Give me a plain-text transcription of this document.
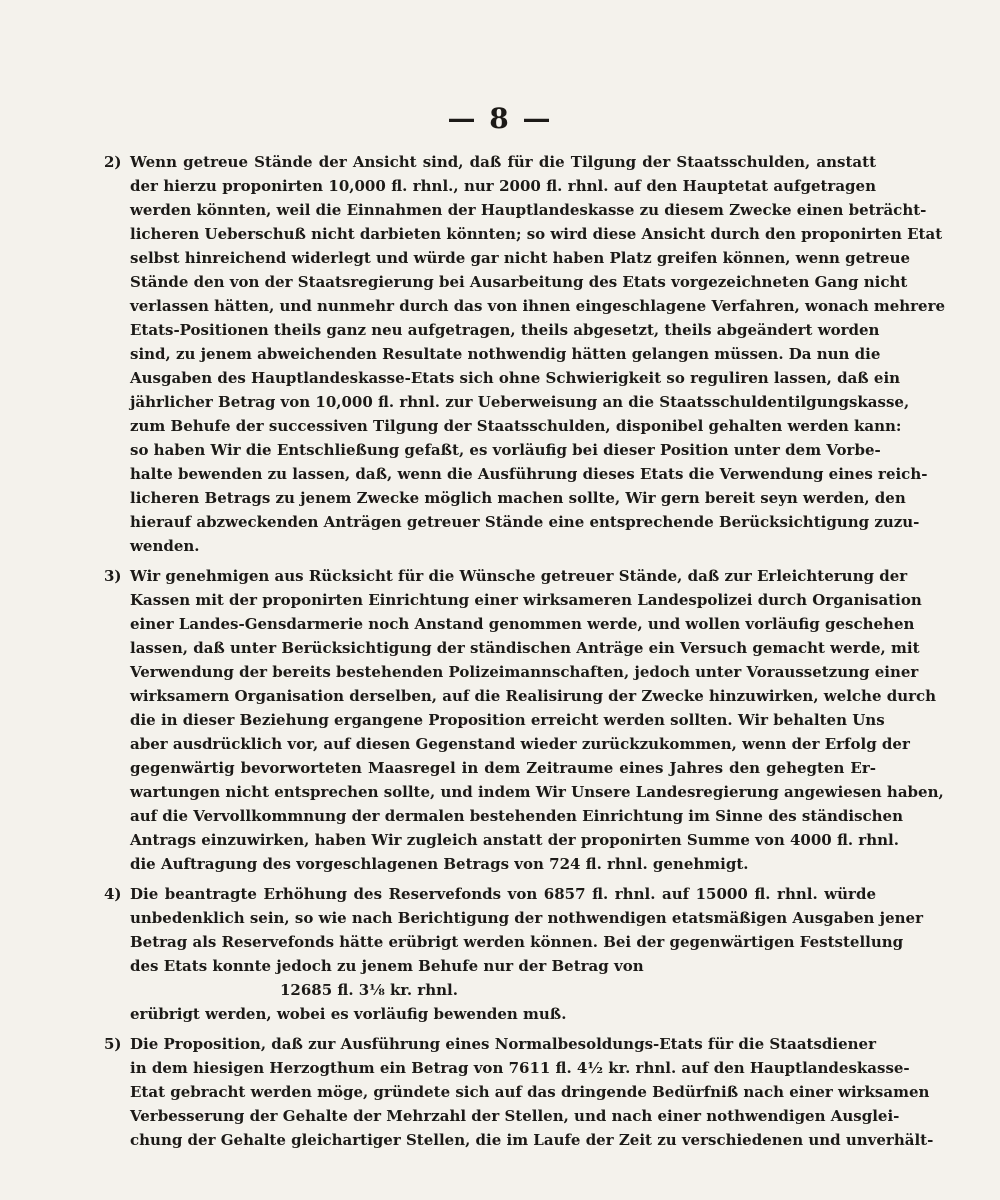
— 8 —
2) Wenn getreue Stände der Ansicht sind, daß für die Tilgung der Staatsschulden, anstatt
der hierzu proponirten 10,000 fl. rhnl., nur 2000 fl. rhnl. auf den Hauptetat aufgetragen
werden könnten, weil die Einnahmen der Hauptlandeskasse zu diesem Zwecke einen beträcht-
licheren Ueberschuß nicht darbieten könnten; so wird diese Ansicht durch den proponirten Etat
selbst hinreichend widerlegt und würde gar nicht haben Platz greifen können, wenn getreue
Stände den von der Staatsregierung bei Ausarbeitung des Etats vorgezeichneten Gang nicht
verlassen hätten, und nunmehr durch das von ihnen eingeschlagene Verfahren, wonach mehrere
Etats-Positionen theils ganz neu aufgetragen, theils abgesetzt, theils abgeändert worden
sind, zu jenem abweichenden Resultate nothwendig hätten gelangen müssen. Da nun die
Ausgaben des Hauptlandeskasse-Etats sich ohne Schwierigkeit so reguliren lassen, daß ein
jährlicher Betrag von 10,000 fl. rhnl. zur Ueberweisung an die Staatsschuldentilgungskasse,
zum Behufe der successiven Tilgung der Staatsschulden, disponibel gehalten werden kann:
so haben Wir die Entschließung gefaßt, es vorläufig bei dieser Position unter dem Vorbe-
halte bewenden zu lassen, daß, wenn die Ausführung dieses Etats die Verwendung eines reich-
licheren Betrags zu jenem Zwecke möglich machen sollte, Wir gern bereit seyn werden, den
hierauf abzweckenden Anträgen getreuer Stände eine entsprechende Berücksichtigung zuzu-
wenden.
3) Wir genehmigen aus Rücksicht für die Wünsche getreuer Stände, daß zur Erleichterung der
Kassen mit der proponirten Einrichtung einer wirksameren Landespolizei durch Organisation
einer Landes-Gensdarmerie noch Anstand genommen werde, und wollen vorläufig geschehen
lassen, daß unter Berücksichtigung der ständischen Anträge ein Versuch gemacht werde, mit
Verwendung der bereits bestehenden Polizeimannschaften, jedoch unter Voraussetzung einer
wirksamern Organisation derselben, auf die Realisirung der Zwecke hinzuwirken, welche durch
die in dieser Beziehung ergangene Proposition erreicht werden sollten. Wir behalten Uns
aber ausdrücklich vor, auf diesen Gegenstand wieder zurückzukommen, wenn der Erfolg der
gegenwärtig bevorworteten Maasregel in dem Zeitraume eines Jahres den gehegten Er-
wartungen nicht entsprechen sollte, und indem Wir Unsere Landesregierung angewiesen haben,
auf die Vervollkommnung der dermalen bestehenden Einrichtung im Sinne des ständischen
Antrags einzuwirken, haben Wir zugleich anstatt der proponirten Summe von 4000 fl. rhnl.
die Auftragung des vorgeschlagenen Betrags von 724 fl. rhnl. genehmigt.
4) Die beantragte Erhöhung des Reservefonds von 6857 fl. rhnl. auf 15000 fl. rhnl. würde
unbedenklich sein, so wie nach Berichtigung der nothwendigen etatsmäßigen Ausgaben jener
Betrag als Reservefonds hätte erübrigt werden können. Bei der gegenwärtigen Feststellung
des Etats konnte jedoch zu jenem Behufe nur der Betrag von
12685 fl. 3⅛ kr. rhnl.
erübrigt werden, wobei es vorläufig bewenden muß.
5) Die Proposition, daß zur Ausführung eines Normalbesoldungs-Etats für die Staatsdiener
in dem hiesigen Herzogthum ein Betrag von 7611 fl. 4½ kr. rhnl. auf den Hauptlandeskasse-
Etat gebracht werden möge, gründete sich auf das dringende Bedürfniß nach einer wirksamen
Verbesserung der Gehalte der Mehrzahl der Stellen, und nach einer nothwendigen Ausglei-
chung der Gehalte gleichartiger Stellen, die im Laufe der Zeit zu verschiedenen und unverhält-
